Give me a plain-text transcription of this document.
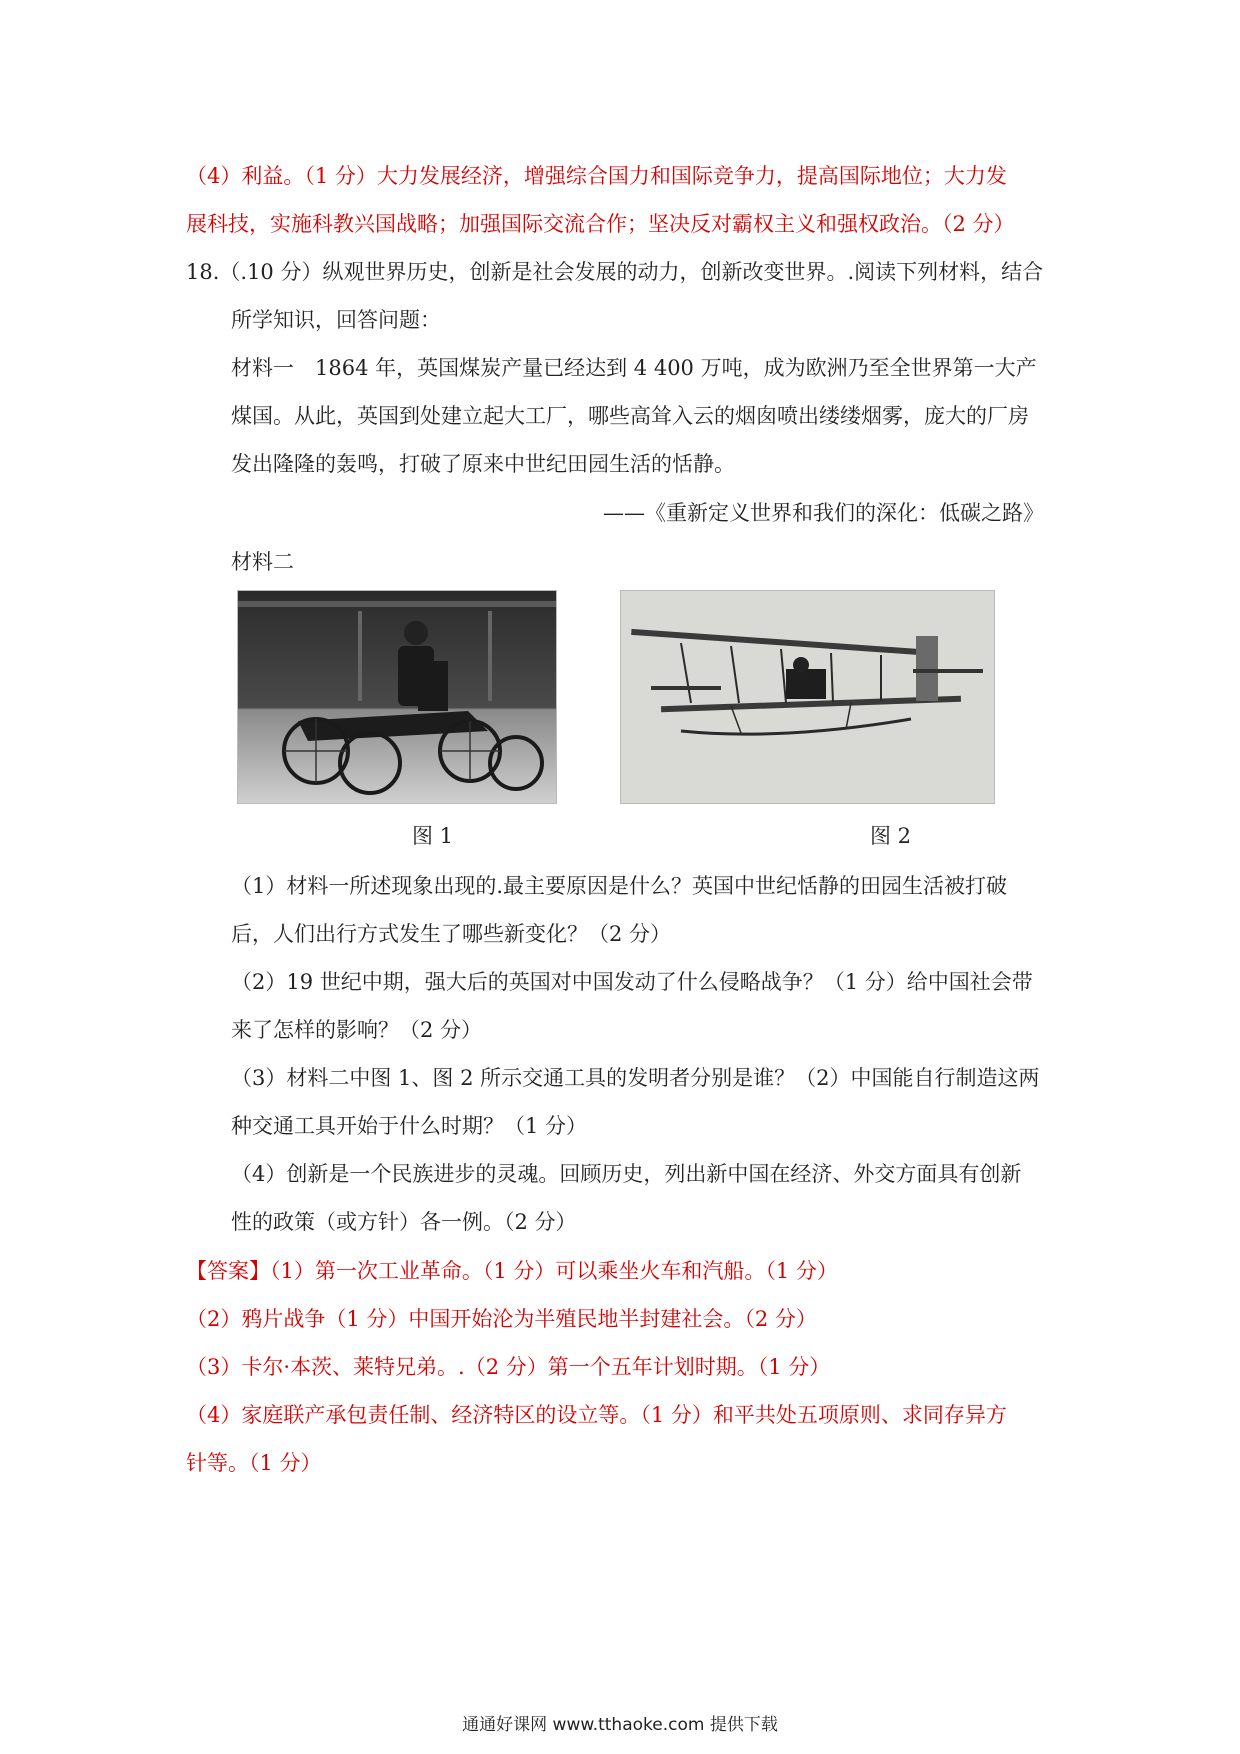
（4）利益。（1 分）大力发展经济，增强综合国力和国际竞争力，提高国际地位；大力发
展科技，实施科教兴国战略；加强国际交流合作；坚决反对霸权主义和强权政治。（2 分）
18.（.10 分）纵观世界历史，创新是社会发展的动力，创新改变世界。.阅读下列材料，结合
所学知识，回答问题：
材料一　1864 年，英国煤炭产量已经达到 4 400 万吨，成为欧洲乃至全世界第一大产
煤国。从此，英国到处建立起大工厂，哪些高耸入云的烟囱喷出缕缕烟雾，庞大的厂房
发出隆隆的轰鸣，打破了原来中世纪田园生活的恬静。
——《重新定义世界和我们的深化：低碳之路》
材料二
图 1	图 2
（1）材料一所述现象出现的.最主要原因是什么？英国中世纪恬静的田园生活被打破
后，人们出行方式发生了哪些新变化？（2 分）
（2）19 世纪中期，强大后的英国对中国发动了什么侵略战争？（1 分）给中国社会带
来了怎样的影响？（2 分）
（3）材料二中图 1、图 2 所示交通工具的发明者分别是谁？（2）中国能自行制造这两
种交通工具开始于什么时期？（1 分）
（4）创新是一个民族进步的灵魂。回顾历史，列出新中国在经济、外交方面具有创新
性的政策（或方针）各一例。（2 分）
【答案】（1）第一次工业革命。（1 分）可以乘坐火车和汽船。（1 分）
（2）鸦片战争（1 分）中国开始沦为半殖民地半封建社会。（2 分）
（3）卡尔·本茨、莱特兄弟。.（2 分）第一个五年计划时期。（1 分）
（4）家庭联产承包责任制、经济特区的设立等。（1 分）和平共处五项原则、求同存异方
针等。（1 分）
通通好课网 www.tthaoke.com 提供下载
